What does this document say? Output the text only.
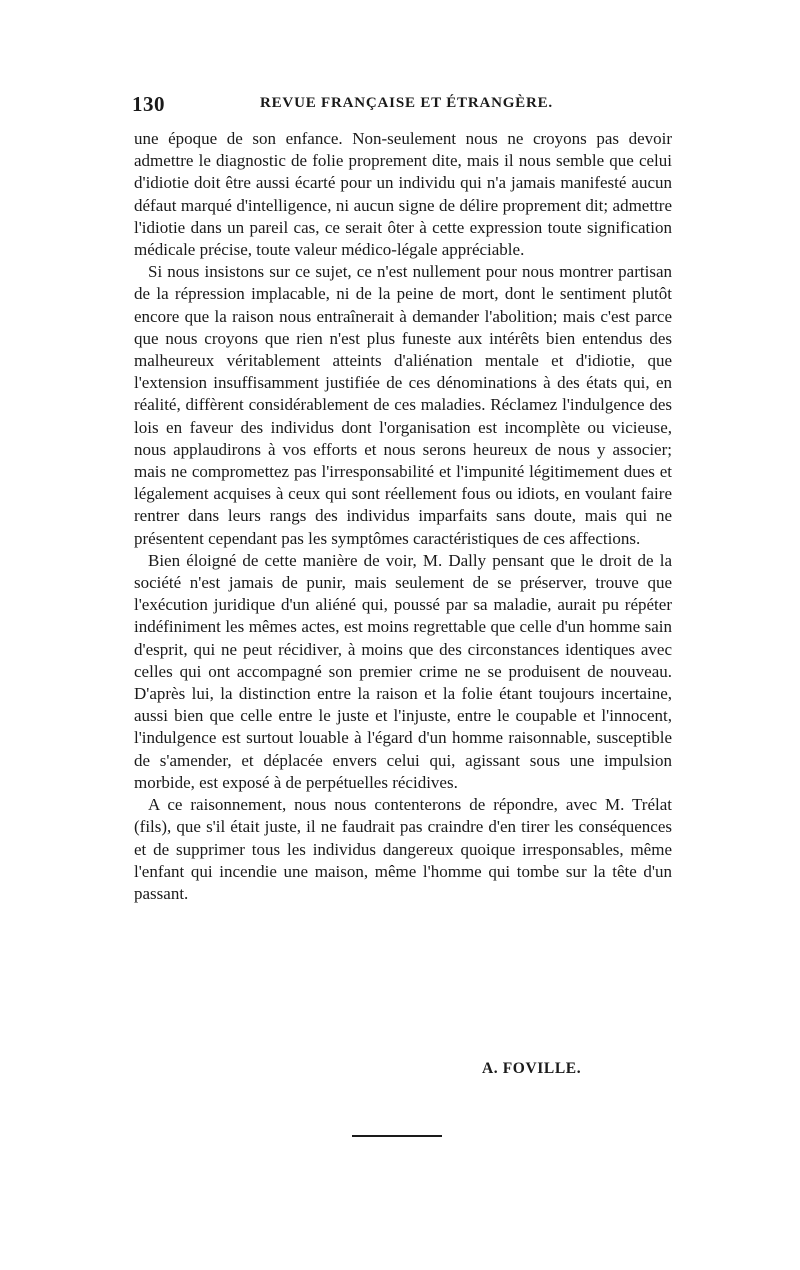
130	REVUE FRANÇAISE ET ÉTRANGÈRE.

une époque de son enfance. Non-seulement nous ne croyons pas devoir admettre le diagnostic de folie proprement dite, mais il nous semble que celui d'idiotie doit être aussi écarté pour un individu qui n'a jamais manifesté aucun défaut marqué d'intelligence, ni aucun signe de délire proprement dit; admettre l'idiotie dans un pareil cas, ce serait ôter à cette expression toute signification médicale précise, toute valeur médico-légale appréciable.

Si nous insistons sur ce sujet, ce n'est nullement pour nous montrer partisan de la répression implacable, ni de la peine de mort, dont le sentiment plutôt encore que la raison nous entraînerait à demander l'abolition; mais c'est parce que nous croyons que rien n'est plus funeste aux intérêts bien entendus des malheureux véritablement atteints d'aliénation mentale et d'idiotie, que l'extension insuffisamment justifiée de ces dénominations à des états qui, en réalité, diffèrent considérablement de ces maladies. Réclamez l'indulgence des lois en faveur des individus dont l'organisation est incomplète ou vicieuse, nous applaudirons à vos efforts et nous serons heureux de nous y associer; mais ne compromettez pas l'irresponsabilité et l'impunité légitimement dues et légalement acquises à ceux qui sont réellement fous ou idiots, en voulant faire rentrer dans leurs rangs des individus imparfaits sans doute, mais qui ne présentent cependant pas les symptômes caractéristiques de ces affections.

Bien éloigné de cette manière de voir, M. Dally pensant que le droit de la société n'est jamais de punir, mais seulement de se préserver, trouve que l'exécution juridique d'un aliéné qui, poussé par sa maladie, aurait pu répéter indéfiniment les mêmes actes, est moins regrettable que celle d'un homme sain d'esprit, qui ne peut récidiver, à moins que des circonstances identiques avec celles qui ont accompagné son premier crime ne se produisent de nouveau. D'après lui, la distinction entre la raison et la folie étant toujours incertaine, aussi bien que celle entre le juste et l'injuste, entre le coupable et l'innocent, l'indulgence est surtout louable à l'égard d'un homme raisonnable, susceptible de s'amender, et déplacée envers celui qui, agissant sous une impulsion morbide, est exposé à de perpétuelles récidives.

A ce raisonnement, nous nous contenterons de répondre, avec M. Trélat (fils), que s'il était juste, il ne faudrait pas craindre d'en tirer les conséquences et de supprimer tous les individus dangereux quoique irresponsables, même l'enfant qui incendie une maison, même l'homme qui tombe sur la tête d'un passant.

A. FOVILLE.
